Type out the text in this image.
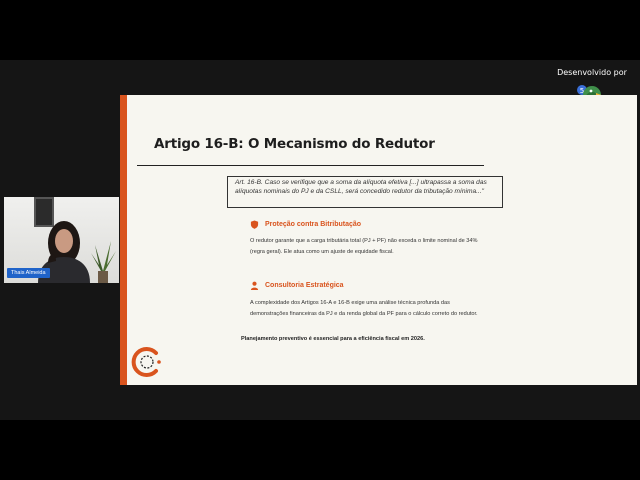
Desenvolvido por
5
Artigo 16-B: O Mecanismo do Redutor
Art. 16-B. Caso se verifique que a soma da alíquota efetiva [...] ultrapassa a soma das alíquotas nominais do PJ e da CSLL, será concedido redutor da tributação mínima..."
Proteção contra Bitributação
O redutor garante que a carga tributária total (PJ + PF) não exceda o limite nominal de 34%
(regra geral). Ele atua como um ajuste de equidade fiscal.
Consultoria Estratégica
A complexidade dos Artigos 16-A e 16-B exige uma análise técnica profunda das
demonstrações financeiras da PJ e da renda global da PF para o cálculo correto do redutor.
Planejamento preventivo é essencial para a eficiência fiscal em 2026.
Thais Almeida
